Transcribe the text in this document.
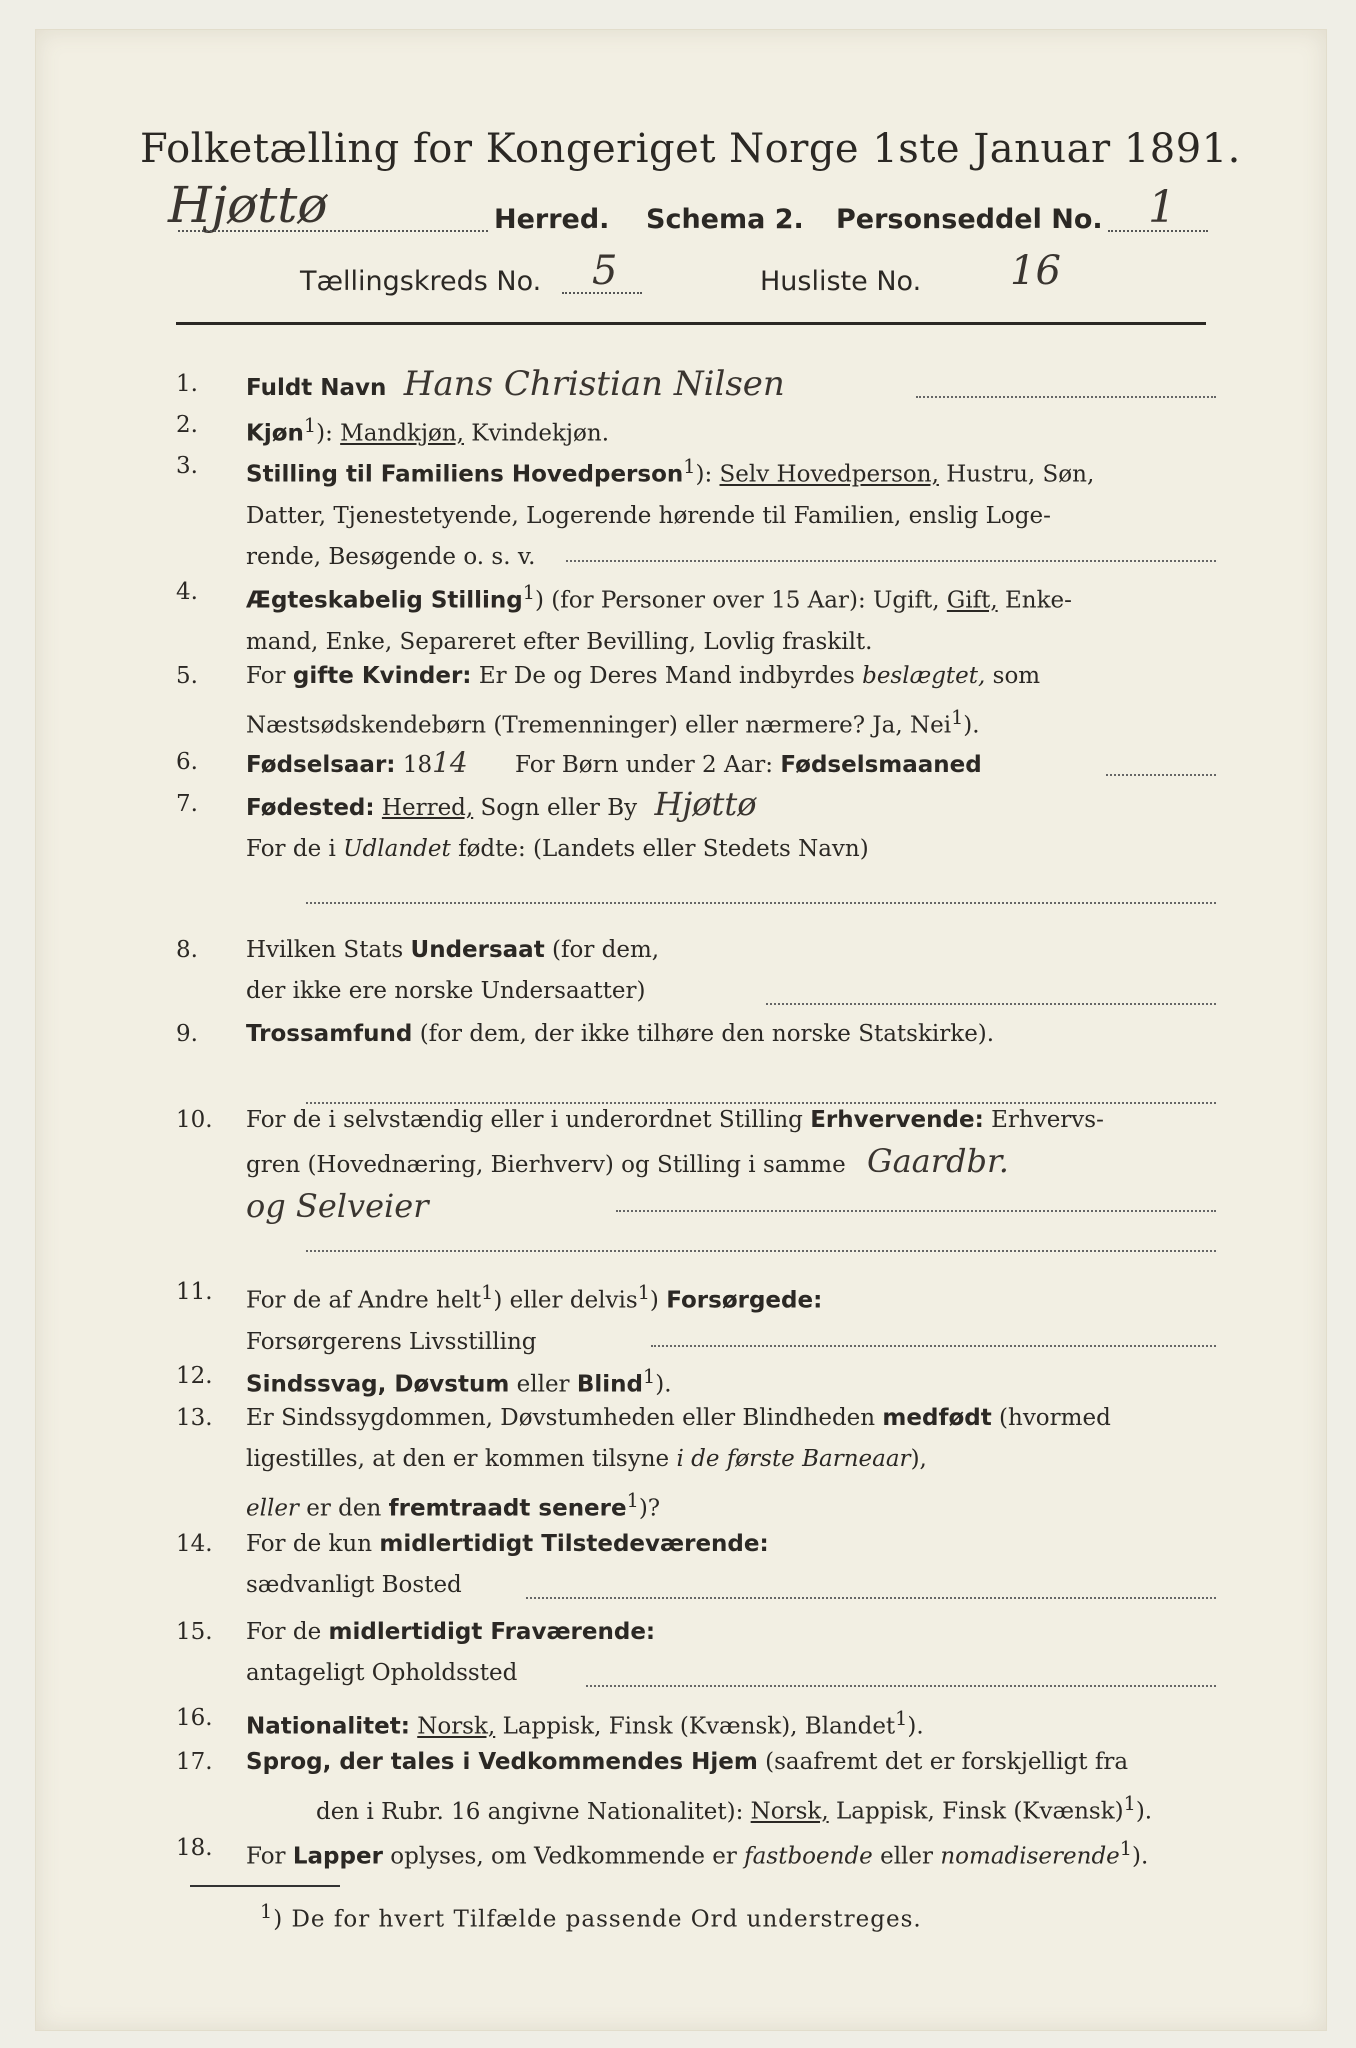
Folketælling for Kongeriget Norge 1ste Januar 1891.
Hjøttø	Herred. Schema 2. Personseddel No. 1
Tællingskreds No. 5	Husliste No. 16
1.	Fuldt Navn Hans Christian Nilsen
2.	Kjøn$^1$): Mandkjøn, Kvindekjøn.
3.	Stilling til Familiens Hovedperson$^1$): Selv Hovedperson, Hustru, Søn,
Datter, Tjenestetyende, Logerende hørende til Familien, enslig Loge-
rende, Besøgende o. s. v.
4.	Ægteskabelig Stilling$^1$) (for Personer over 15 Aar): Ugift, Gift, Enke-
mand, Enke, Separeret efter Bevilling, Lovlig fraskilt.
5.	For gifte Kvinder: Er De og Deres Mand indbyrdes beslægtet, som
Næstsødskendebørn (Tremenninger) eller nærmere? Ja, Nei$^1$).
6.	Fødselsaar: 1814 For Børn under 2 Aar: Fødselsmaaned
7.	Fødested: Herred, Sogn eller By Hjøttø
For de i Udlandet fødte: (Landets eller Stedets Navn)
8.	Hvilken Stats Undersaat (for dem,
der ikke ere norske Undersaatter)
9.	Trossamfund (for dem, der ikke tilhøre den norske Statskirke).
10.	For de i selvstændig eller i underordnet Stilling Erhvervende: Erhvervs-
gren (Hovednæring, Bierhverv) og Stilling i samme Gaardbr.
og Selveier
11.	For de af Andre helt$^1$) eller delvis$^1$) Forsørgede:
Forsørgerens Livsstilling
12.	Sindssvag, Døvstum eller Blind$^1$).
13.	Er Sindssygdommen, Døvstumheden eller Blindheden medfødt (hvormed
ligestilles, at den er kommen tilsyne i de første Barneaar),
eller er den fremtraadt senere$^1$)?
14.	For de kun midlertidigt Tilstedeværende:
sædvanligt Bosted
15.	For de midlertidigt Fraværende:
antageligt Opholdssted
16.	Nationalitet: Norsk, Lappisk, Finsk (Kvænsk), Blandet$^1$).
17.	Sprog, der tales i Vedkommendes Hjem (saafremt det er forskjelligt fra
den i Rubr. 16 angivne Nationalitet): Norsk, Lappisk, Finsk (Kvænsk)$^1$).
18.	For Lapper oplyses, om Vedkommende er fastboende eller nomadiserende$^1$).
$^1$) De for hvert Tilfælde passende Ord understreges.
